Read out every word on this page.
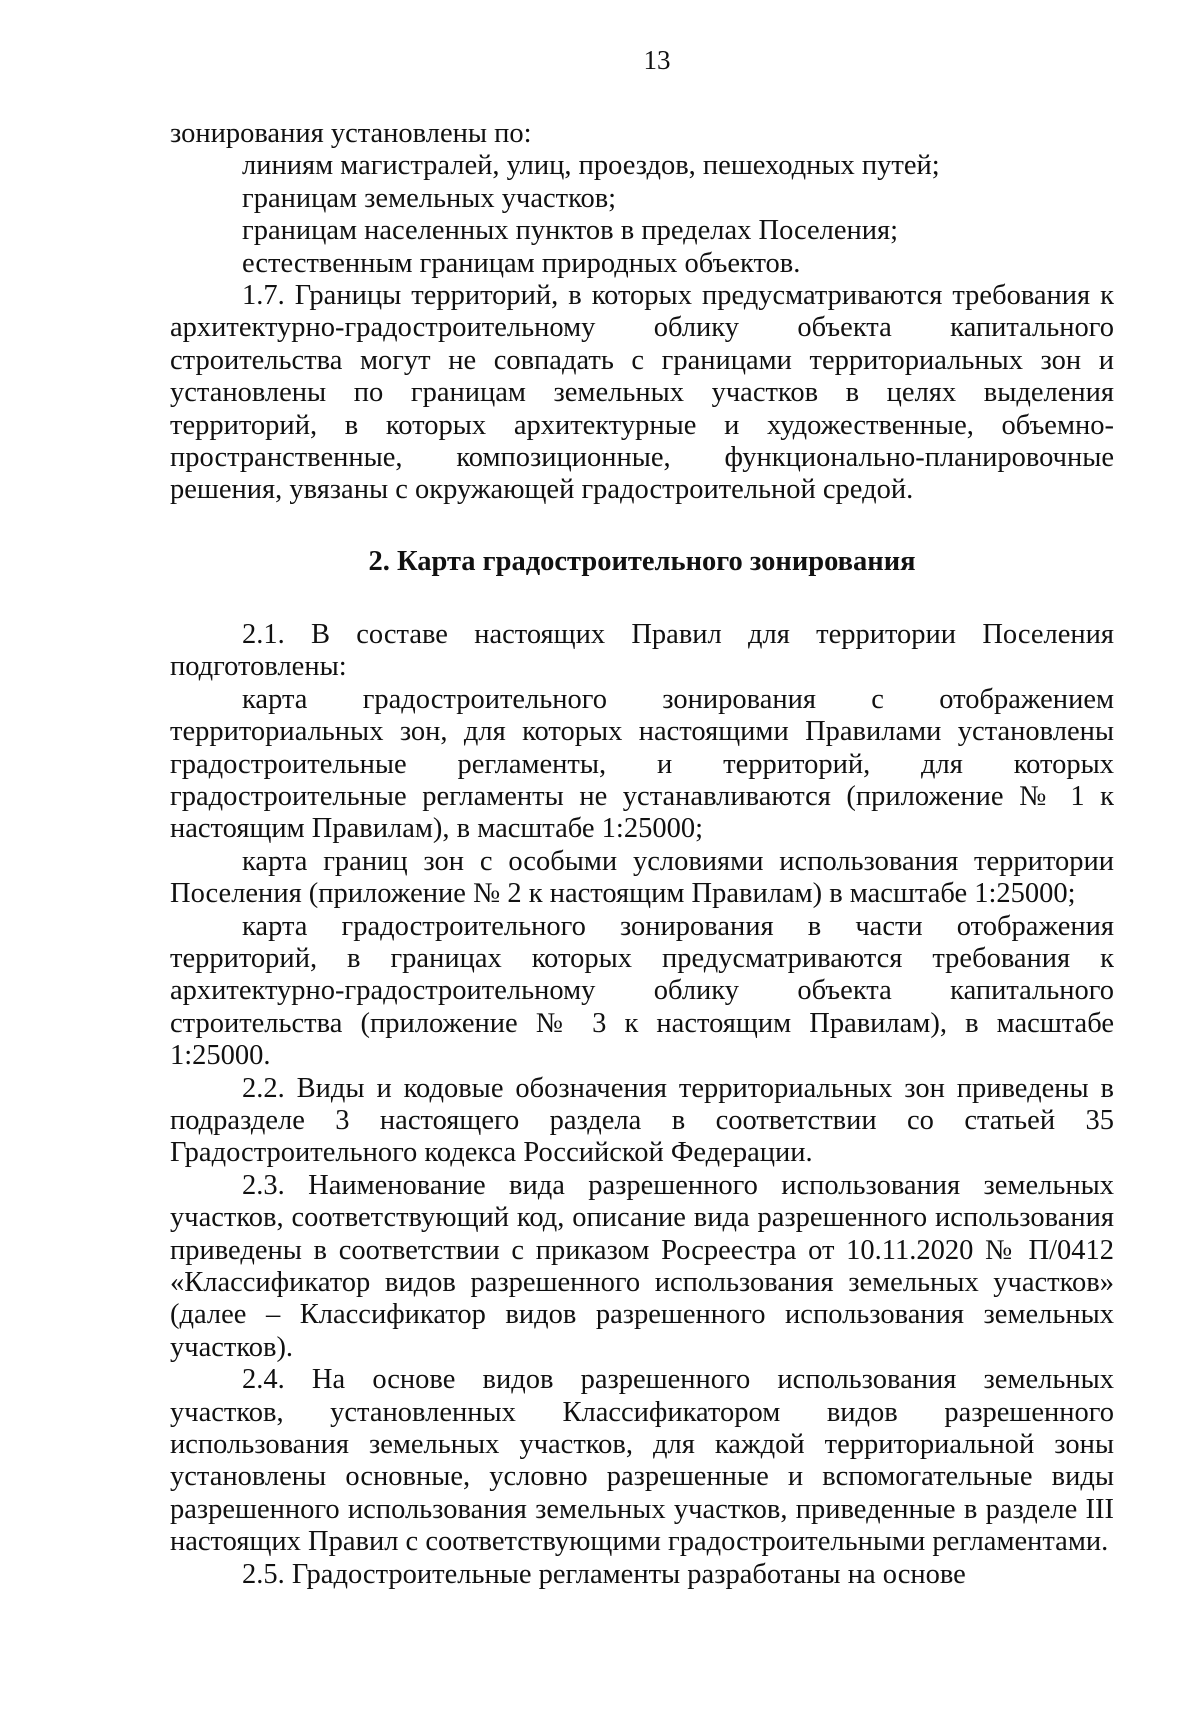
13

зонирования установлены по:

линиям магистралей, улиц, проездов, пешеходных путей;

границам земельных участков;

границам населенных пунктов в пределах Поселения;

естественным границам природных объектов.

1.7. Границы территорий, в которых предусматриваются требования к архитектурно-градостроительному облику объекта капитального строительства могут не совпадать с границами территориальных зон и установлены по границам земельных участков в целях выделения территорий, в которых архитектурные и художественные, объемно-пространственные, композиционные, функционально-планировочные решения, увязаны с окружающей градостроительной средой.

2. Карта градостроительного зонирования

2.1. В составе настоящих Правил для территории Поселения подготовлены:

карта градостроительного зонирования с отображением территориальных зон, для которых настоящими Правилами установлены градостроительные регламенты, и территорий, для которых градостроительные регламенты не устанавливаются (приложение № 1 к настоящим Правилам), в масштабе 1:25000;

карта границ зон с особыми условиями использования территории Поселения (приложение № 2 к настоящим Правилам) в масштабе 1:25000;

карта градостроительного зонирования в части отображения территорий, в границах которых предусматриваются требования к архитектурно-градостроительному облику объекта капитального строительства (приложение № 3 к настоящим Правилам), в масштабе 1:25000.

2.2. Виды и кодовые обозначения территориальных зон приведены в подразделе 3 настоящего раздела в соответствии со статьей 35 Градостроительного кодекса Российской Федерации.

2.3. Наименование вида разрешенного использования земельных участков, соответствующий код, описание вида разрешенного использования приведены в соответствии с приказом Росреестра от 10.11.2020 № П/0412 «Классификатор видов разрешенного использования земельных участков» (далее – Классификатор видов разрешенного использования земельных участков).

2.4. На основе видов разрешенного использования земельных участков, установленных Классификатором видов разрешенного использования земельных участков, для каждой территориальной зоны установлены основные, условно разрешенные и вспомогательные виды разрешенного использования земельных участков, приведенные в разделе III настоящих Правил с соответствующими градостроительными регламентами.

2.5. Градостроительные регламенты разработаны на основе
